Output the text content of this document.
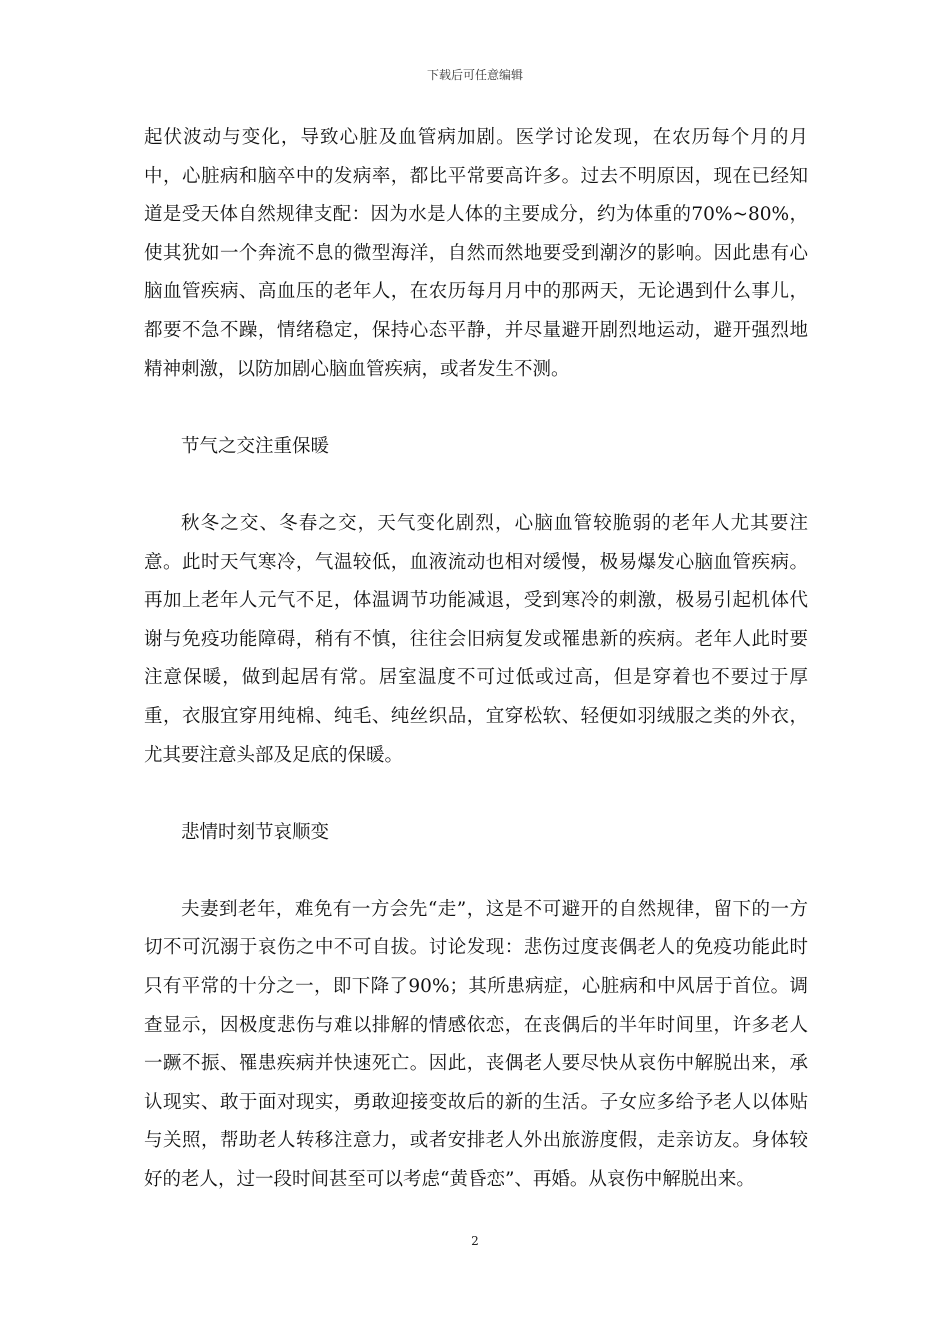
下载后可任意编辑

起伏波动与变化，导致心脏及血管病加剧。医学讨论发现，在农历每个月的月中，心脏病和脑卒中的发病率，都比平常要高许多。过去不明原因，现在已经知道是受天体自然规律支配：因为水是人体的主要成分，约为体重的70%~80%，使其犹如一个奔流不息的微型海洋，自然而然地要受到潮汐的影响。因此患有心脑血管疾病、高血压的老年人，在农历每月月中的那两天，无论遇到什么事儿，都要不急不躁，情绪稳定，保持心态平静，并尽量避开剧烈地运动，避开强烈地精神刺激，以防加剧心脑血管疾病，或者发生不测。

节气之交注重保暖

秋冬之交、冬春之交，天气变化剧烈，心脑血管较脆弱的老年人尤其要注意。此时天气寒冷，气温较低，血液流动也相对缓慢，极易爆发心脑血管疾病。再加上老年人元气不足，体温调节功能减退，受到寒冷的刺激，极易引起机体代谢与免疫功能障碍，稍有不慎，往往会旧病复发或罹患新的疾病。老年人此时要注意保暖，做到起居有常。居室温度不可过低或过高，但是穿着也不要过于厚重，衣服宜穿用纯棉、纯毛、纯丝织品，宜穿松软、轻便如羽绒服之类的外衣，尤其要注意头部及足底的保暖。

悲情时刻节哀顺变

夫妻到老年，难免有一方会先“走”，这是不可避开的自然规律，留下的一方切不可沉溺于哀伤之中不可自拔。讨论发现：悲伤过度丧偶老人的免疫功能此时只有平常的十分之一，即下降了90%；其所患病症，心脏病和中风居于首位。调查显示，因极度悲伤与难以排解的情感依恋，在丧偶后的半年时间里，许多老人一蹶不振、罹患疾病并快速死亡。因此，丧偶老人要尽快从哀伤中解脱出来，承认现实、敢于面对现实，勇敢迎接变故后的新的生活。子女应多给予老人以体贴与关照，帮助老人转移注意力，或者安排老人外出旅游度假，走亲访友。身体较好的老人，过一段时间甚至可以考虑“黄昏恋”、再婚。从哀伤中解脱出来。

2
